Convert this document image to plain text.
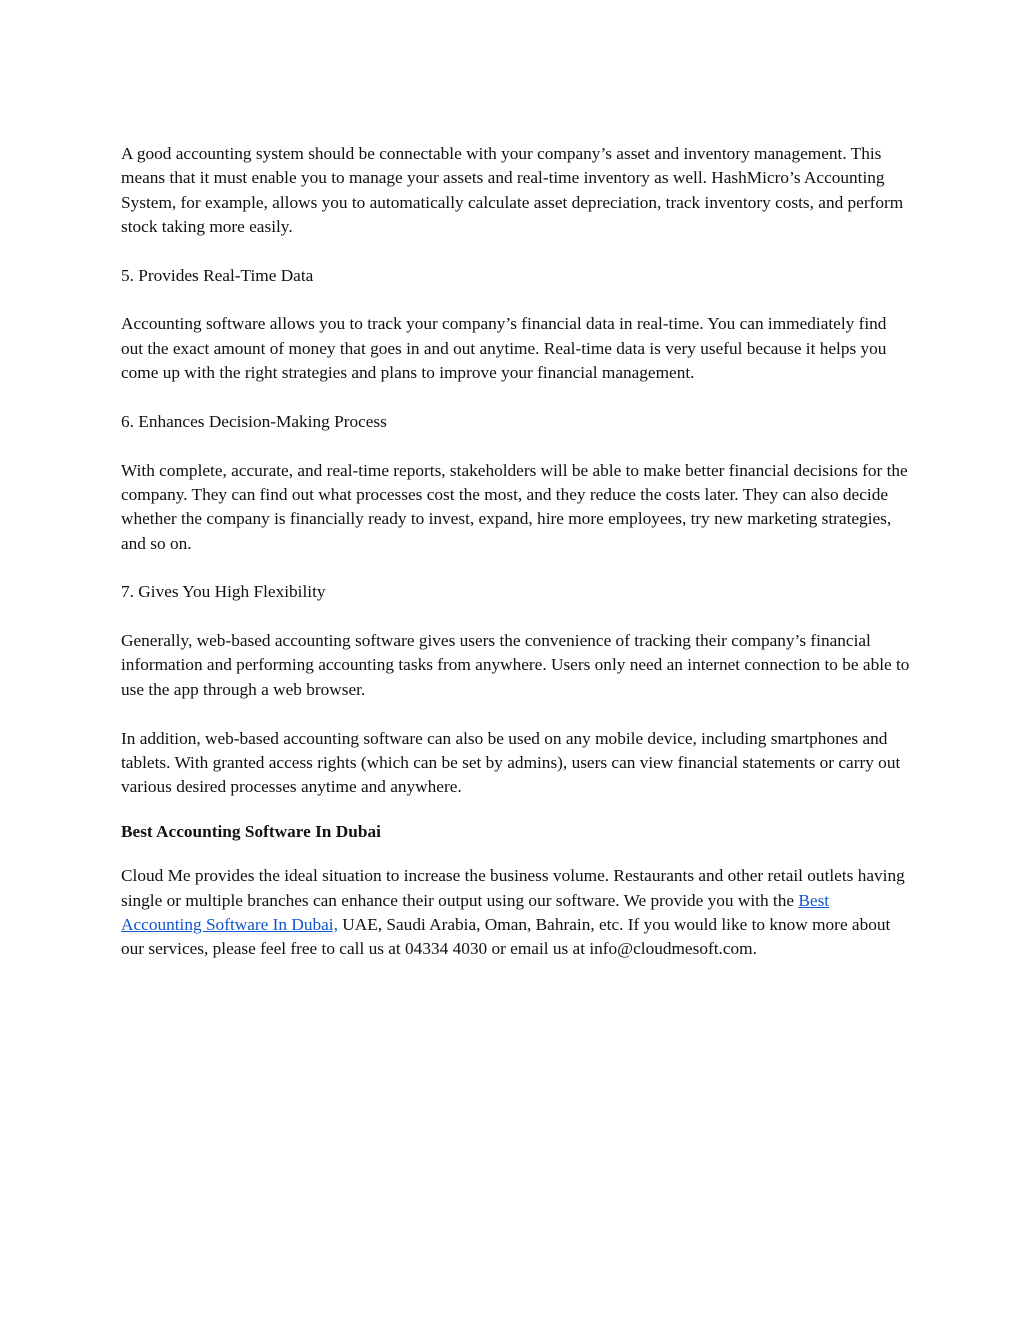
A good accounting system should be connectable with your company’s asset and inventory management. This means that it must enable you to manage your assets and real-time inventory as well. HashMicro’s Accounting System, for example, allows you to automatically calculate asset depreciation, track inventory costs, and perform stock taking more easily.

5. Provides Real-Time Data

Accounting software allows you to track your company’s financial data in real-time. You can immediately find out the exact amount of money that goes in and out anytime. Real-time data is very useful because it helps you come up with the right strategies and plans to improve your financial management.

6. Enhances Decision-Making Process

With complete, accurate, and real-time reports, stakeholders will be able to make better financial decisions for the company. They can find out what processes cost the most, and they reduce the costs later. They can also decide whether the company is financially ready to invest, expand, hire more employees, try new marketing strategies, and so on.

7. Gives You High Flexibility

Generally, web-based accounting software gives users the convenience of tracking their company’s financial information and performing accounting tasks from anywhere. Users only need an internet connection to be able to use the app through a web browser.

In addition, web-based accounting software can also be used on any mobile device, including smartphones and tablets. With granted access rights (which can be set by admins), users can view financial statements or carry out various desired processes anytime and anywhere.

Best Accounting Software In Dubai

Cloud Me provides the ideal situation to increase the business volume. Restaurants and other retail outlets having single or multiple branches can enhance their output using our software. We provide you with the Best Accounting Software In Dubai, UAE, Saudi Arabia, Oman, Bahrain, etc. If you would like to know more about our services, please feel free to call us at 04334 4030 or email us at info@cloudmesoft.com.
